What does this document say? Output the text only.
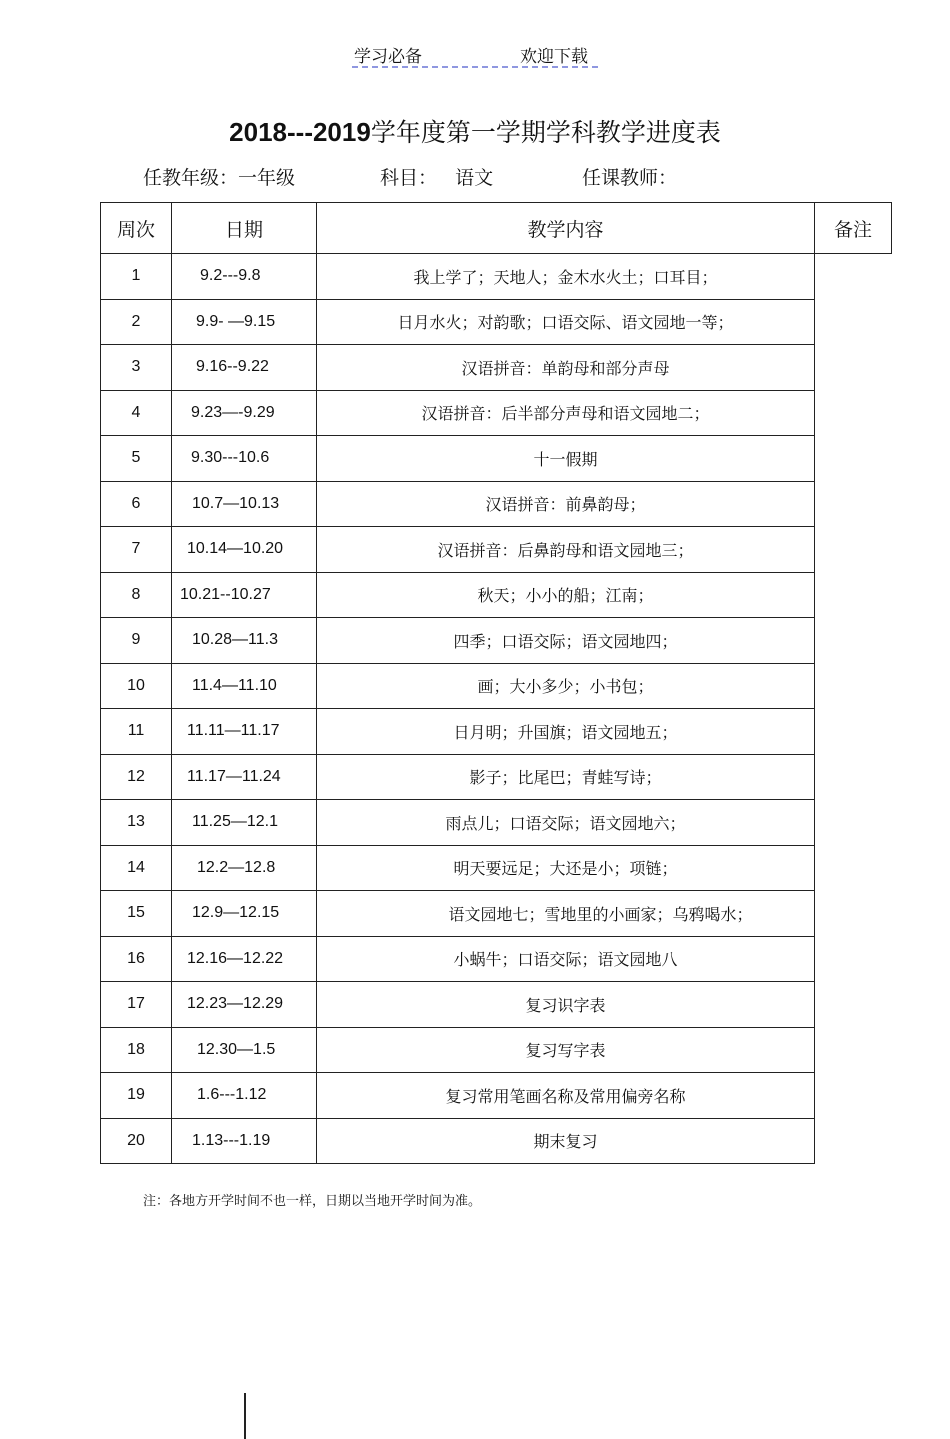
学习必备	欢迎下载
2018---2019学年度第一学期学科教学进度表
任教年级：一年级	科目：   语文	任课教师：
周次	日期	教学内容	备注
1	9.2---9.8	我上学了；天地人；金木水火土；口耳目；	

2	9.9- —9.15	日月水火；对韵歌；口语交际、语文园地一等；	

3	9.16--9.22	汉语拼音：单韵母和部分声母	

4	9.23—-9.29	汉语拼音：后半部分声母和语文园地二；	

5	9.30---10.6	十一假期	

6	10.7—10.13	汉语拼音：前鼻韵母；	

7	10.14—10.20	汉语拼音：后鼻韵母和语文园地三；	

8	10.21--10.27	秋天；小小的船；江南；	

9	10.28—11.3	四季；口语交际；语文园地四；	

10	11.4—11.10	画；大小多少；小书包；	

11	11.11—11.17	日月明；升国旗；语文园地五；	

12	11.17—11.24	影子；比尾巴；青蛙写诗；	

13	11.25—12.1	雨点儿；口语交际；语文园地六；	

14	12.2—12.8	明天要远足；大还是小；项链；	

15	12.9—12.15	语文园地七；雪地里的小画家；乌鸦喝水；	

16	12.16—12.22	小蜗牛；口语交际；语文园地八	

17	12.23—12.29	复习识字表	

18	12.30—1.5	复习写字表	

19	1.6---1.12	复习常用笔画名称及常用偏旁名称	

20	1.13---1.19	期末复习	
注：各地方开学时间不也一样，日期以当地开学时间为准。
